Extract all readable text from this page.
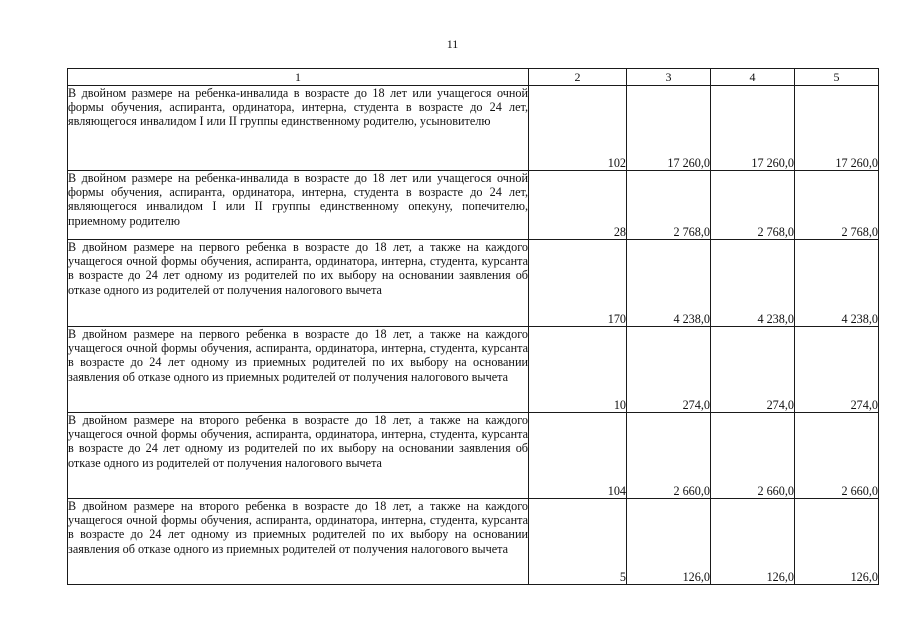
11
1	2	3	4	5
В двойном размере на ребенка-инвалида в возрасте до 18 лет или учащегося очной формы обучения, аспиранта, ординатора, интерна, студента в возрасте до 24 лет, являющегося инвалидом I или II группы единственному родителю, усыновителю	102	17 260,0	17 260,0	17 260,0
В двойном размере на ребенка-инвалида в возрасте до 18 лет или учащегося очной формы обучения, аспиранта, ординатора, интерна, студента в возрасте до 24 лет, являющегося инвалидом I или II группы единственному опекуну, попечителю, приемному родителю	28	2 768,0	2 768,0	2 768,0
В двойном размере на первого ребенка в возрасте до 18 лет, а также на каждого учащегося очной формы обучения, аспиранта, ординатора, интерна, студента, курсанта в возрасте до 24 лет одному из родителей по их выбору на основании заявления об отказе одного из родителей от получения налогового вычета	170	4 238,0	4 238,0	4 238,0
В двойном размере на первого ребенка в возрасте до 18 лет, а также на каждого учащегося очной формы обучения, аспиранта, ординатора, интерна, студента, курсанта в возрасте до 24 лет одному из приемных родителей по их выбору на основании заявления об отказе одного из приемных родителей от получения налогового вычета	10	274,0	274,0	274,0
В двойном размере на второго ребенка в возрасте до 18 лет, а также на каждого учащегося очной формы обучения, аспиранта, ординатора, интерна, студента, курсанта в возрасте до 24 лет одному из родителей по их выбору на основании заявления об отказе одного из родителей от получения налогового вычета	104	2 660,0	2 660,0	2 660,0
В двойном размере на второго ребенка в возрасте до 18 лет, а также на каждого учащегося очной формы обучения, аспиранта, ординатора, интерна, студента, курсанта в возрасте до 24 лет одному из приемных родителей по их выбору на основании заявления об отказе одного из приемных родителей от получения налогового вычета	5	126,0	126,0	126,0
